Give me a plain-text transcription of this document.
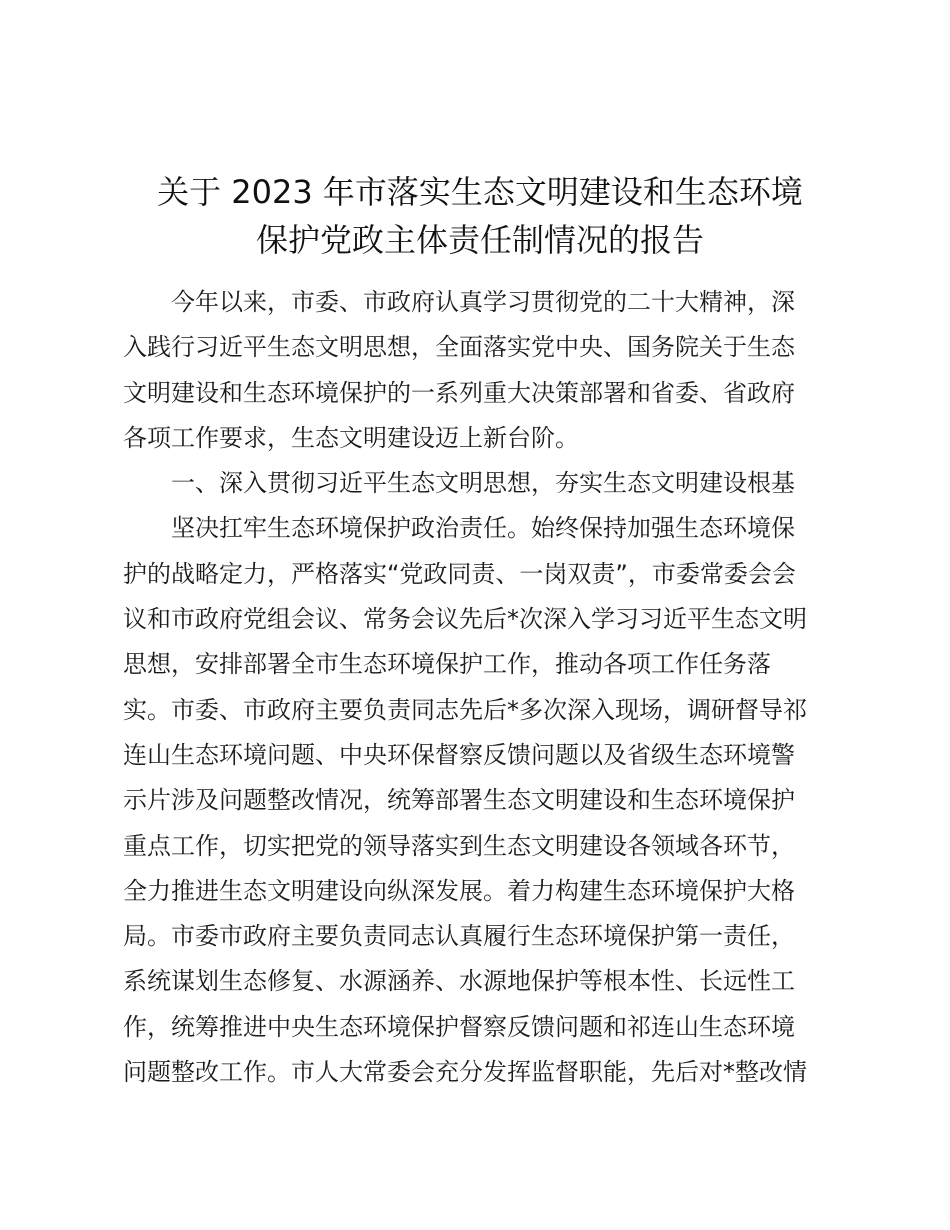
关于 2023 年市落实生态文明建设和生态环境
保护党政主体责任制情况的报告
今年以来，市委、市政府认真学习贯彻党的二十大精神，深
入践行习近平生态文明思想，全面落实党中央、国务院关于生态
文明建设和生态环境保护的一系列重大决策部署和省委、省政府
各项工作要求，生态文明建设迈上新台阶。
一、深入贯彻习近平生态文明思想，夯实生态文明建设根基
坚决扛牢生态环境保护政治责任。始终保持加强生态环境保
护的战略定力，严格落实“党政同责、一岗双责”，市委常委会会
议和市政府党组会议、常务会议先后*次深入学习习近平生态文明
思想，安排部署全市生态环境保护工作，推动各项工作任务落
实。市委、市政府主要负责同志先后*多次深入现场，调研督导祁
连山生态环境问题、中央环保督察反馈问题以及省级生态环境警
示片涉及问题整改情况，统筹部署生态文明建设和生态环境保护
重点工作，切实把党的领导落实到生态文明建设各领域各环节，
全力推进生态文明建设向纵深发展。着力构建生态环境保护大格
局。市委市政府主要负责同志认真履行生态环境保护第一责任，
系统谋划生态修复、水源涵养、水源地保护等根本性、长远性工
作，统筹推进中央生态环境保护督察反馈问题和祁连山生态环境
问题整改工作。市人大常委会充分发挥监督职能，先后对*整改情
